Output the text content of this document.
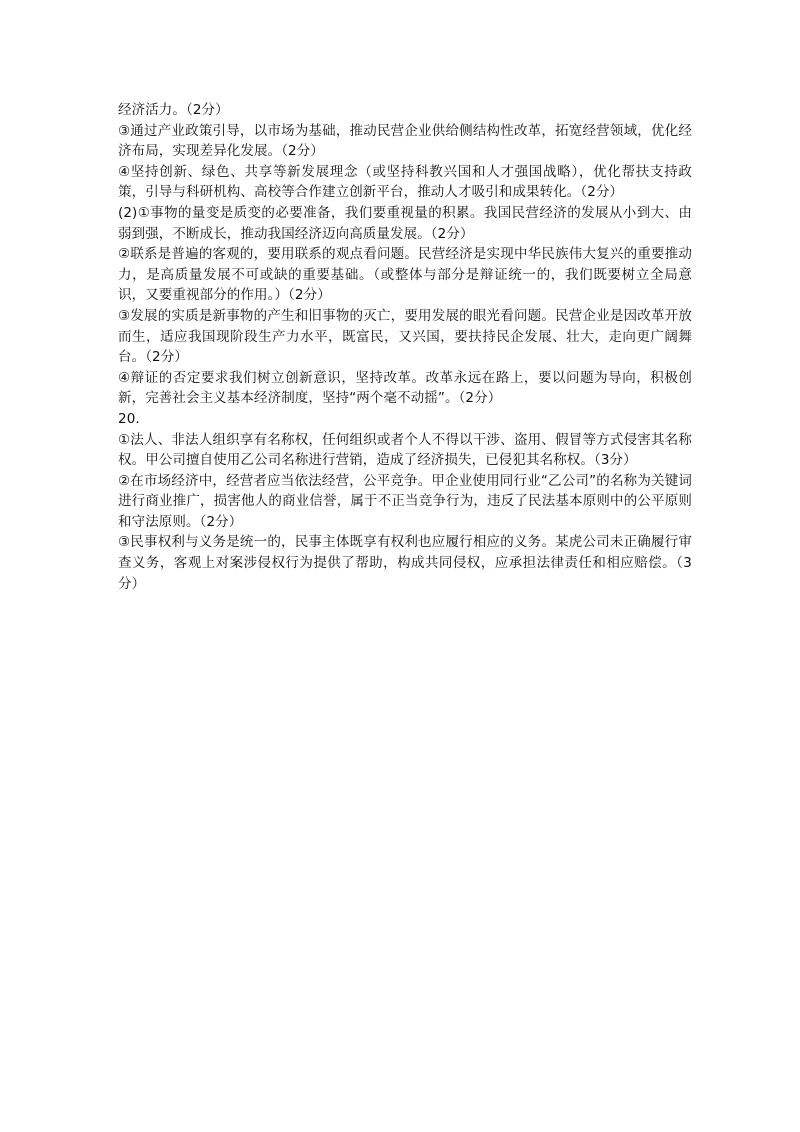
经济活力。（2分）

③通过产业政策引导，以市场为基础，推动民营企业供给侧结构性改革，拓宽经营领域，优化经济布局，实现差异化发展。（2分）

④坚持创新、绿色、共享等新发展理念（或坚持科教兴国和人才强国战略），优化帮扶支持政策，引导与科研机构、高校等合作建立创新平台，推动人才吸引和成果转化。（2分）

(2)①事物的量变是质变的必要准备，我们要重视量的积累。我国民营经济的发展从小到大、由弱到强，不断成长，推动我国经济迈向高质量发展。（2分）

②联系是普遍的客观的，要用联系的观点看问题。民营经济是实现中华民族伟大复兴的重要推动力，是高质量发展不可或缺的重要基础。（或整体与部分是辩证统一的，我们既要树立全局意识，又要重视部分的作用。）（2分）

③发展的实质是新事物的产生和旧事物的灭亡，要用发展的眼光看问题。民营企业是因改革开放而生，适应我国现阶段生产力水平，既富民，又兴国，要扶持民企发展、壮大，走向更广阔舞台。（2分）

④辩证的否定要求我们树立创新意识，坚持改革。改革永远在路上，要以问题为导向，积极创新，完善社会主义基本经济制度，坚持“两个毫不动摇”。（2分）

20.

①法人、非法人组织享有名称权，任何组织或者个人不得以干涉、盗用、假冒等方式侵害其名称权。甲公司擅自使用乙公司名称进行营销，造成了经济损失，已侵犯其名称权。（3分）

②在市场经济中，经营者应当依法经营，公平竞争。甲企业使用同行业“乙公司”的名称为关键词进行商业推广，损害他人的商业信誉，属于不正当竞争行为，违反了民法基本原则中的公平原则和守法原则。（2分）

③民事权利与义务是统一的，民事主体既享有权利也应履行相应的义务。某虎公司未正确履行审查义务，客观上对案涉侵权行为提供了帮助，构成共同侵权，应承担法律责任和相应赔偿。（3分）
